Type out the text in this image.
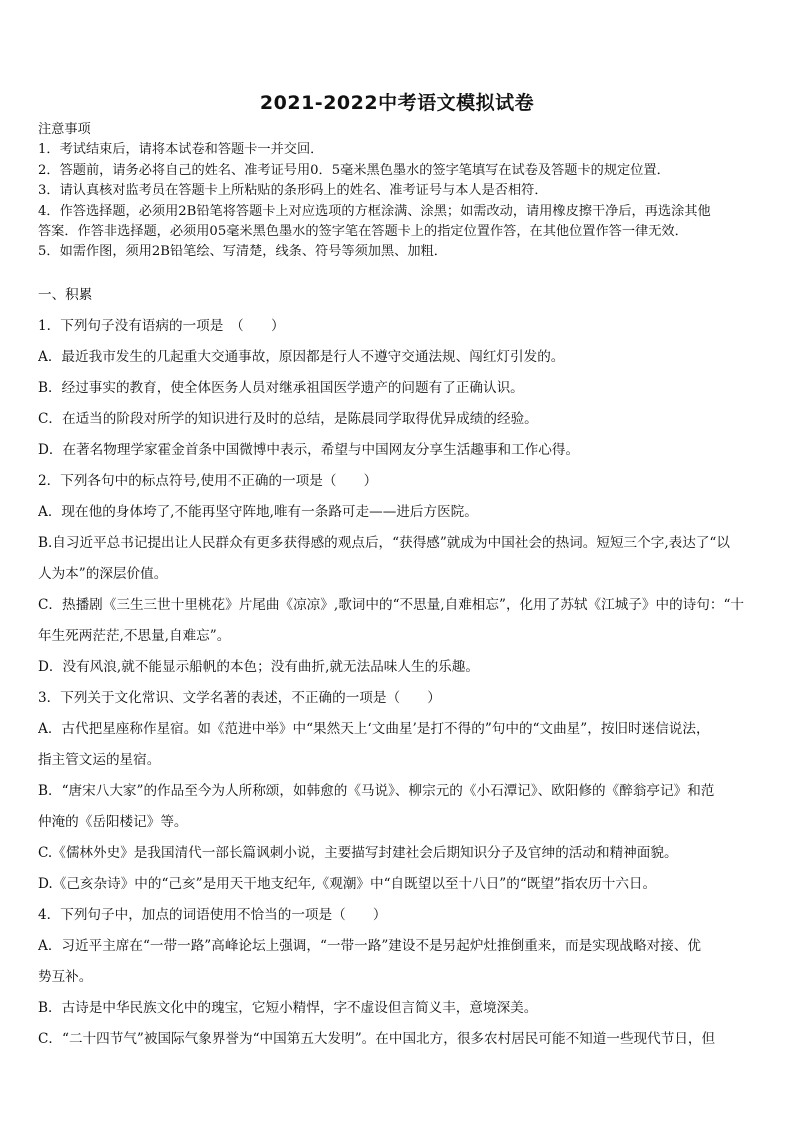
2021-2022中考语文模拟试卷
注意事项
1．考试结束后，请将本试卷和答题卡一并交回．
2．答题前，请务必将自己的姓名、准考证号用0．5毫米黑色墨水的签字笔填写在试卷及答题卡的规定位置．
3．请认真核对监考员在答题卡上所粘贴的条形码上的姓名、准考证号与本人是否相符．
4．作答选择题，必须用2B铅笔将答题卡上对应选项的方框涂满、涂黑；如需改动，请用橡皮擦干净后，再选涂其他
答案．作答非选择题，必须用05毫米黑色墨水的签字笔在答题卡上的指定位置作答，在其他位置作答一律无效．
5．如需作图，须用2B铅笔绘、写清楚，线条、符号等须加黑、加粗．
一、积累
1．下列句子没有语病的一项是　（　　）
A．最近我市发生的几起重大交通事故，原因都是行人不遵守交通法规、闯红灯引发的。
B．经过事实的教育，使全体医务人员对继承祖国医学遗产的问题有了正确认识。
C．在适当的阶段对所学的知识进行及时的总结，是陈晨同学取得优异成绩的经验。
D．在著名物理学家霍金首条中国微博中表示，希望与中国网友分享生活趣事和工作心得。
2．下列各句中的标点符号,使用不正确的一项是（　　）
A．现在他的身体垮了,不能再坚守阵地,唯有一条路可走——进后方医院。
B.自习近平总书记提出让人民群众有更多获得感的观点后，“获得感”就成为中国社会的热词。短短三个字,表达了“以
人为本”的深层价值。
C．热播剧《三生三世十里桃花》片尾曲《凉凉》,歌词中的“不思量,自难相忘”，化用了苏轼《江城子》中的诗句：“十
年生死两茫茫,不思量,自难忘”。
D．没有风浪,就不能显示船帆的本色；没有曲折,就无法品味人生的乐趣。
3．下列关于文化常识、文学名著的表述，不正确的一项是（　　）
A．古代把星座称作星宿。如《范进中举》中“果然天上‘文曲星’是打不得的”句中的“文曲星”，按旧时迷信说法，
指主管文运的星宿。
B．“唐宋八大家”的作品至今为人所称颂，如韩愈的《马说》、柳宗元的《小石潭记》、欧阳修的《醉翁亭记》和范
仲淹的《岳阳楼记》等。
C.《儒林外史》是我国清代一部长篇讽刺小说，主要描写封建社会后期知识分子及官绅的活动和精神面貌。
D.《己亥杂诗》中的“己亥”是用天干地支纪年,《观潮》中“自既望以至十八日”的“既望”指农历十六日。
4．下列句子中，加点的词语使用不恰当的一项是（　　）
A．习近平主席在“一带一路”高峰论坛上强调，“一带一路”建设不是另起炉灶推倒重来，而是实现战略对接、优
势互补。
B．古诗是中华民族文化中的瑰宝，它短小精悍，字不虚设但言简义丰，意境深美。
C．“二十四节气”被国际气象界誉为“中国第五大发明”。在中国北方，很多农村居民可能不知道一些现代节日，但
